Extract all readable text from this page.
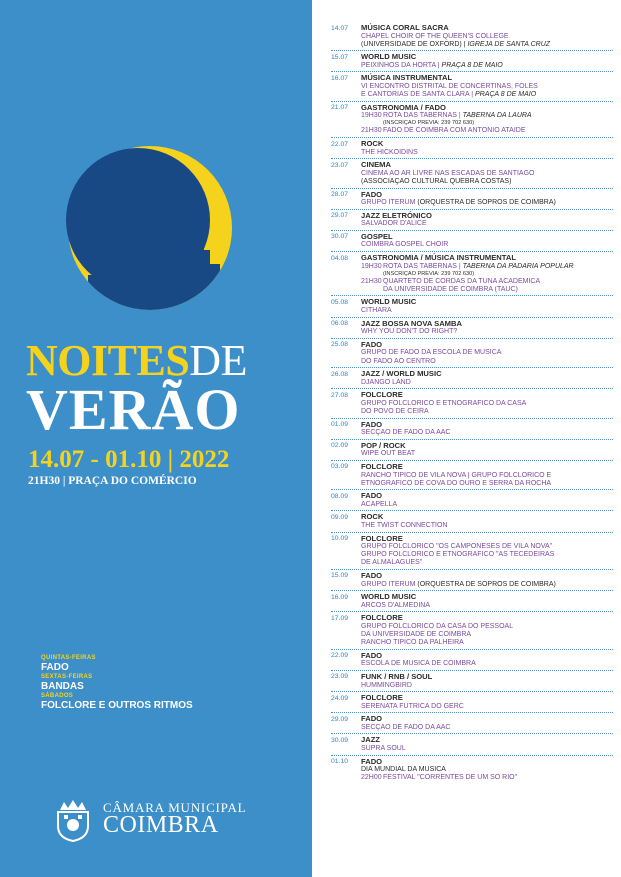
NOITESDE
VERÃO
14.07 - 01.10 | 2022
21H30 | PRAÇA DO COMÉRCIO
QUINTAS-FEIRAS
FADO
SEXTAS-FEIRAS
BANDAS
SÁBADOS
FOLCLORE E OUTROS RITMOS
CÂMARA MUNICIPAL
COIMBRA
14.07	MÚSICA CORAL SACRA
CHAPEL CHOIR OF THE QUEEN'S COLLEGE
(UNIVERSIDADE DE OXFORD) | IGREJA DE SANTA CRUZ
15.07	WORLD MUSIC
PEIXINHOS DA HORTA | PRAÇA 8 DE MAIO
16.07	MÚSICA INSTRUMENTAL
VI ENCONTRO DISTRITAL DE CONCERTINAS, FOLES
E CANTORIAS DE SANTA CLARA | PRAÇA 8 DE MAIO
21.07	GASTRONOMIA / FADO
19H30ROTA DAS TABERNAS | TABERNA DA LAURA
(INSCRIÇÃO PRÉVIA: 239 702 630)
21H30FADO DE COIMBRA COM ANTÓNIO ATAÍDE
22.07	ROCK
THE HICKOIDINS
23.07	CINEMA
CINEMA AO AR LIVRE NAS ESCADAS DE SANTIAGO
(ASSOCIAÇÃO CULTURAL QUEBRA COSTAS)
28.07	FADO
GRUPO ITERUM (ORQUESTRA DE SOPROS DE COIMBRA)
29.07	JAZZ ELETRÓNICO
SALVADOR D'ALICE
30.07	GOSPEL
COIMBRA GOSPEL CHOIR
04.08	GASTRONOMIA / MÚSICA INSTRUMENTAL
19H30ROTA DAS TABERNAS | TABERNA DA PADARIA POPULAR
(INSCRIÇÃO PRÉVIA: 239 702 630)
21H30QUARTETO DE CORDAS DA TUNA ACADÉMICA
DA UNIVERSIDADE DE COIMBRA (TAUC)
05.08	WORLD MUSIC
CITHARA
06.08	JAZZ BOSSA NOVA SAMBA
WHY YOU DON'T DO RIGHT?
25.08	FADO
GRUPO DE FADO DA ESCOLA DE MÚSICA
DO FADO AO CENTRO
26.08	JAZZ / WORLD MUSIC
DJANGO LAND
27.08	FOLCLORE
GRUPO FOLCLÓRICO E ETNOGRÁFICO DA CASA
DO POVO DE CEIRA
01.09	FADO
SECÇÃO DE FADO DA AAC
02.09	POP / ROCK
WIPE OUT BEAT
03.09	FOLCLORE
RANCHO TÍPICO DE VILA NOVA | GRUPO FOLCLÓRICO E
ETNOGRÁFICO DE COVA DO OURO E SERRA DA ROCHA
08.09	FADO
ACAPELLA
09.09	ROCK
THE TWIST CONNECTION
10.09	FOLCLORE
GRUPO FOLCLÓRICO "OS CAMPONESES DE VILA NOVA"
GRUPO FOLCLÓRICO E ETNOGRÁFICO "AS TECEDEIRAS
DE ALMALAGUÊS"
15.09	FADO
GRUPO ITERUM (ORQUESTRA DE SOPROS DE COIMBRA)
16.09	WORLD MUSIC
ARCOS D'ALMEDINA
17.09	FOLCLORE
GRUPO FOLCLÓRICO DA CASA DO PESSOAL
DA UNIVERSIDADE DE COIMBRA
RANCHO TÍPICO DA PALHEIRA
22.09	FADO
ESCOLA DE MÚSICA DE COIMBRA
23.09	FUNK / RNB / SOUL
HUMMINGBIRD
24.09	FOLCLORE
SERENATA FUTRICA DO GERC
29.09	FADO
SECÇÃO DE FADO DA AAC
30.09	JAZZ
SUPRA SOUL
01.10	FADO
DIA MUNDIAL DA MÚSICA
22H00FESTIVAL "CORRENTES DE UM SÓ RIO"
